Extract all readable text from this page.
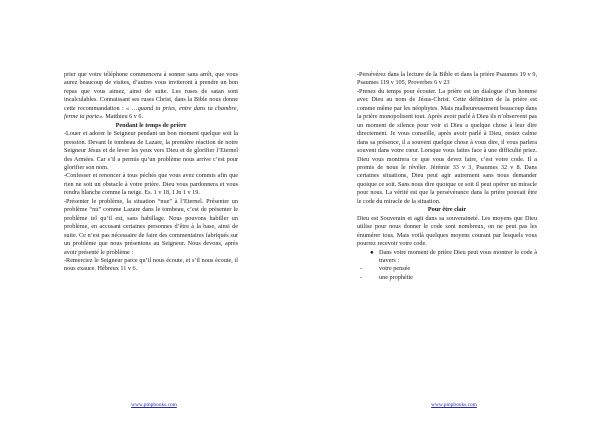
prier que votre téléphone commencera à sonner sans arrêt, que vous aurez beaucoup de visites, d’autres vous inviteront à prendre un bon repas que vous aimez, ainsi de suite. Les ruses de satan sont incalculables. Connaissant ses ruses Christ, dans la Bible nous donne cette recommandation : « …quand tu pries, entre dans ta chambre, ferme ta porte». Matthieu 6 v 6.

Pendant le temps de prière

-Louer et adorer le Seigneur pendant un bon moment quelque soit la pression. Devant le tombeau de Lazare, la première réaction de notre Seigneur Jésus et de lever les yeux vers Dieu et de glorifier l’Eternel des Armées. Car s’il a permis qu’un problème nous arrive c’est pour glorifier son nom.

-Confesser et renoncer à tous péchés que vous avez commis afin que rien ne soit un obstacle à votre prière. Dieu vous pardonnera et vous rendra blanche comme la neige. Es. 1 v 18, I Jn 1 v 19.

-Présenter le problème, la situation “nue” à l’Eternel. Présenter un problème “nu” comme Lazare dans le tombeau, c’est de présenter le problème tel qu’il est, sans habillage. Nous pouvons habiller un problème, en accusant certaines personnes d’être à la base, ainsi de suite. Ce n’est pas nécessaire de faire des commentaires fabriqués sur un problème que nous présentons au Seigneur. Nous devons, après avoir présenté le problème :

-Remerciez le Seigneur parce qu’il nous écoute, et s’il nous écoute, il nous exauce. Hébreux 11 v 6.

www.pmpbooks.com

-Persévérez dans la lecture de la Bible et dans la prière Psaumes 19 v 9, Psaumes 119 v 105, Proverbes 6 v 23

-Prenez du temps pour écouter. La prière est un dialogue d’un homme avec Dieu au nom de Jésus-Christ. Cette définition de la prière est comme même par les néophytes. Mais malheureusement beaucoup dans la prière monopolisent tout. Après avoir parlé à Dieu ils n’observent pas un moment de silence pour voir si Dieu a quelque chose à leur dire directement. Je vous conseille, après avoir parlé à Dieu, restez calme dans sa présence, il a souvent quelque chose à vous dire, il vous parlera souvent dans votre cœur. Lorsque vous faites face à une difficulté priez. Dieu vous montrera ce que vous devez faire, c’est votre code. Il a promis de nous le révéler. Jérémie 33 v 3, Psaumes 32 v 8. Dans certaines situations, Dieu peut agir autrement sans nous demander quoique ce soit. Sans nous dire quoique ce soit il peut opérer un miracle pour nous. La vérité est que la persévérance dans la prière pouvait être le code du miracle de la situation.

Pour être clair

Dieu est Souverain et agit dans sa souveraineté. Les moyens que Dieu utilise pour nous donner le code sont nombreux, on ne peut pas les énumérer tous. Mais voilà quelques moyens courant par lesquels vous pourrez recevoir votre code.

● Dans votre moment de prière Dieu peut vous montrer le code à travers :
-	votre pensée
-	une prophétie
www.pmpbooks.com
